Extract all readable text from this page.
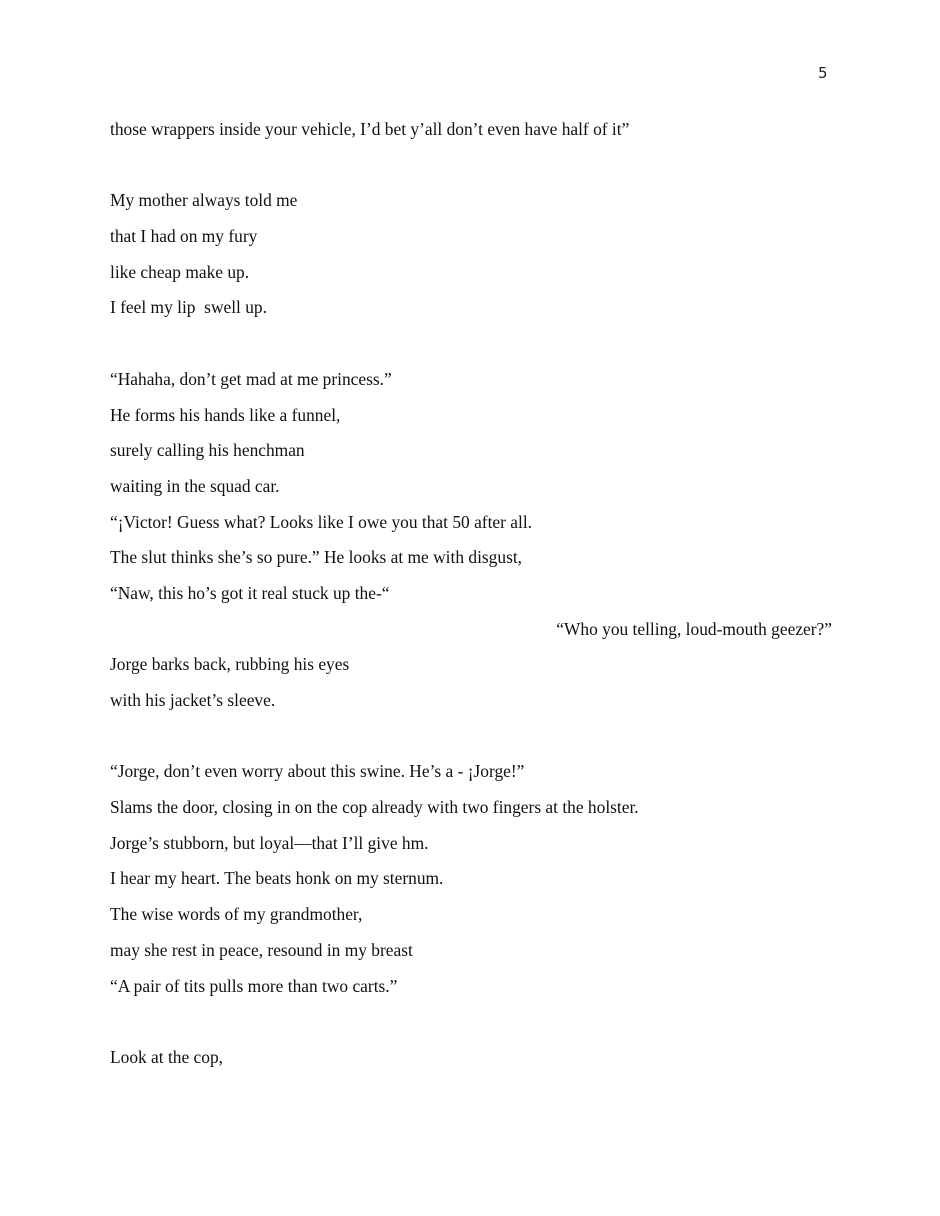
5
those wrappers inside your vehicle, I’d bet y’all don’t even have half of it”
My mother always told me
that I had on my fury
like cheap make up.
I feel my lip  swell up.
“Hahaha, don’t get mad at me princess.”
He forms his hands like a funnel,
surely calling his henchman
waiting in the squad car.
“¡Victor! Guess what? Looks like I owe you that 50 after all.
The slut thinks she’s so pure.” He looks at me with disgust,
“Naw, this ho’s got it real stuck up the-“
“Who you telling, loud-mouth geezer?”
Jorge barks back, rubbing his eyes
with his jacket’s sleeve.
“Jorge, don’t even worry about this swine. He’s a - ¡Jorge!”
Slams the door, closing in on the cop already with two fingers at the holster.
Jorge’s stubborn, but loyal—that I’ll give hm.
I hear my heart. The beats honk on my sternum.
The wise words of my grandmother,
may she rest in peace, resound in my breast
“A pair of tits pulls more than two carts.”
Look at the cop,
